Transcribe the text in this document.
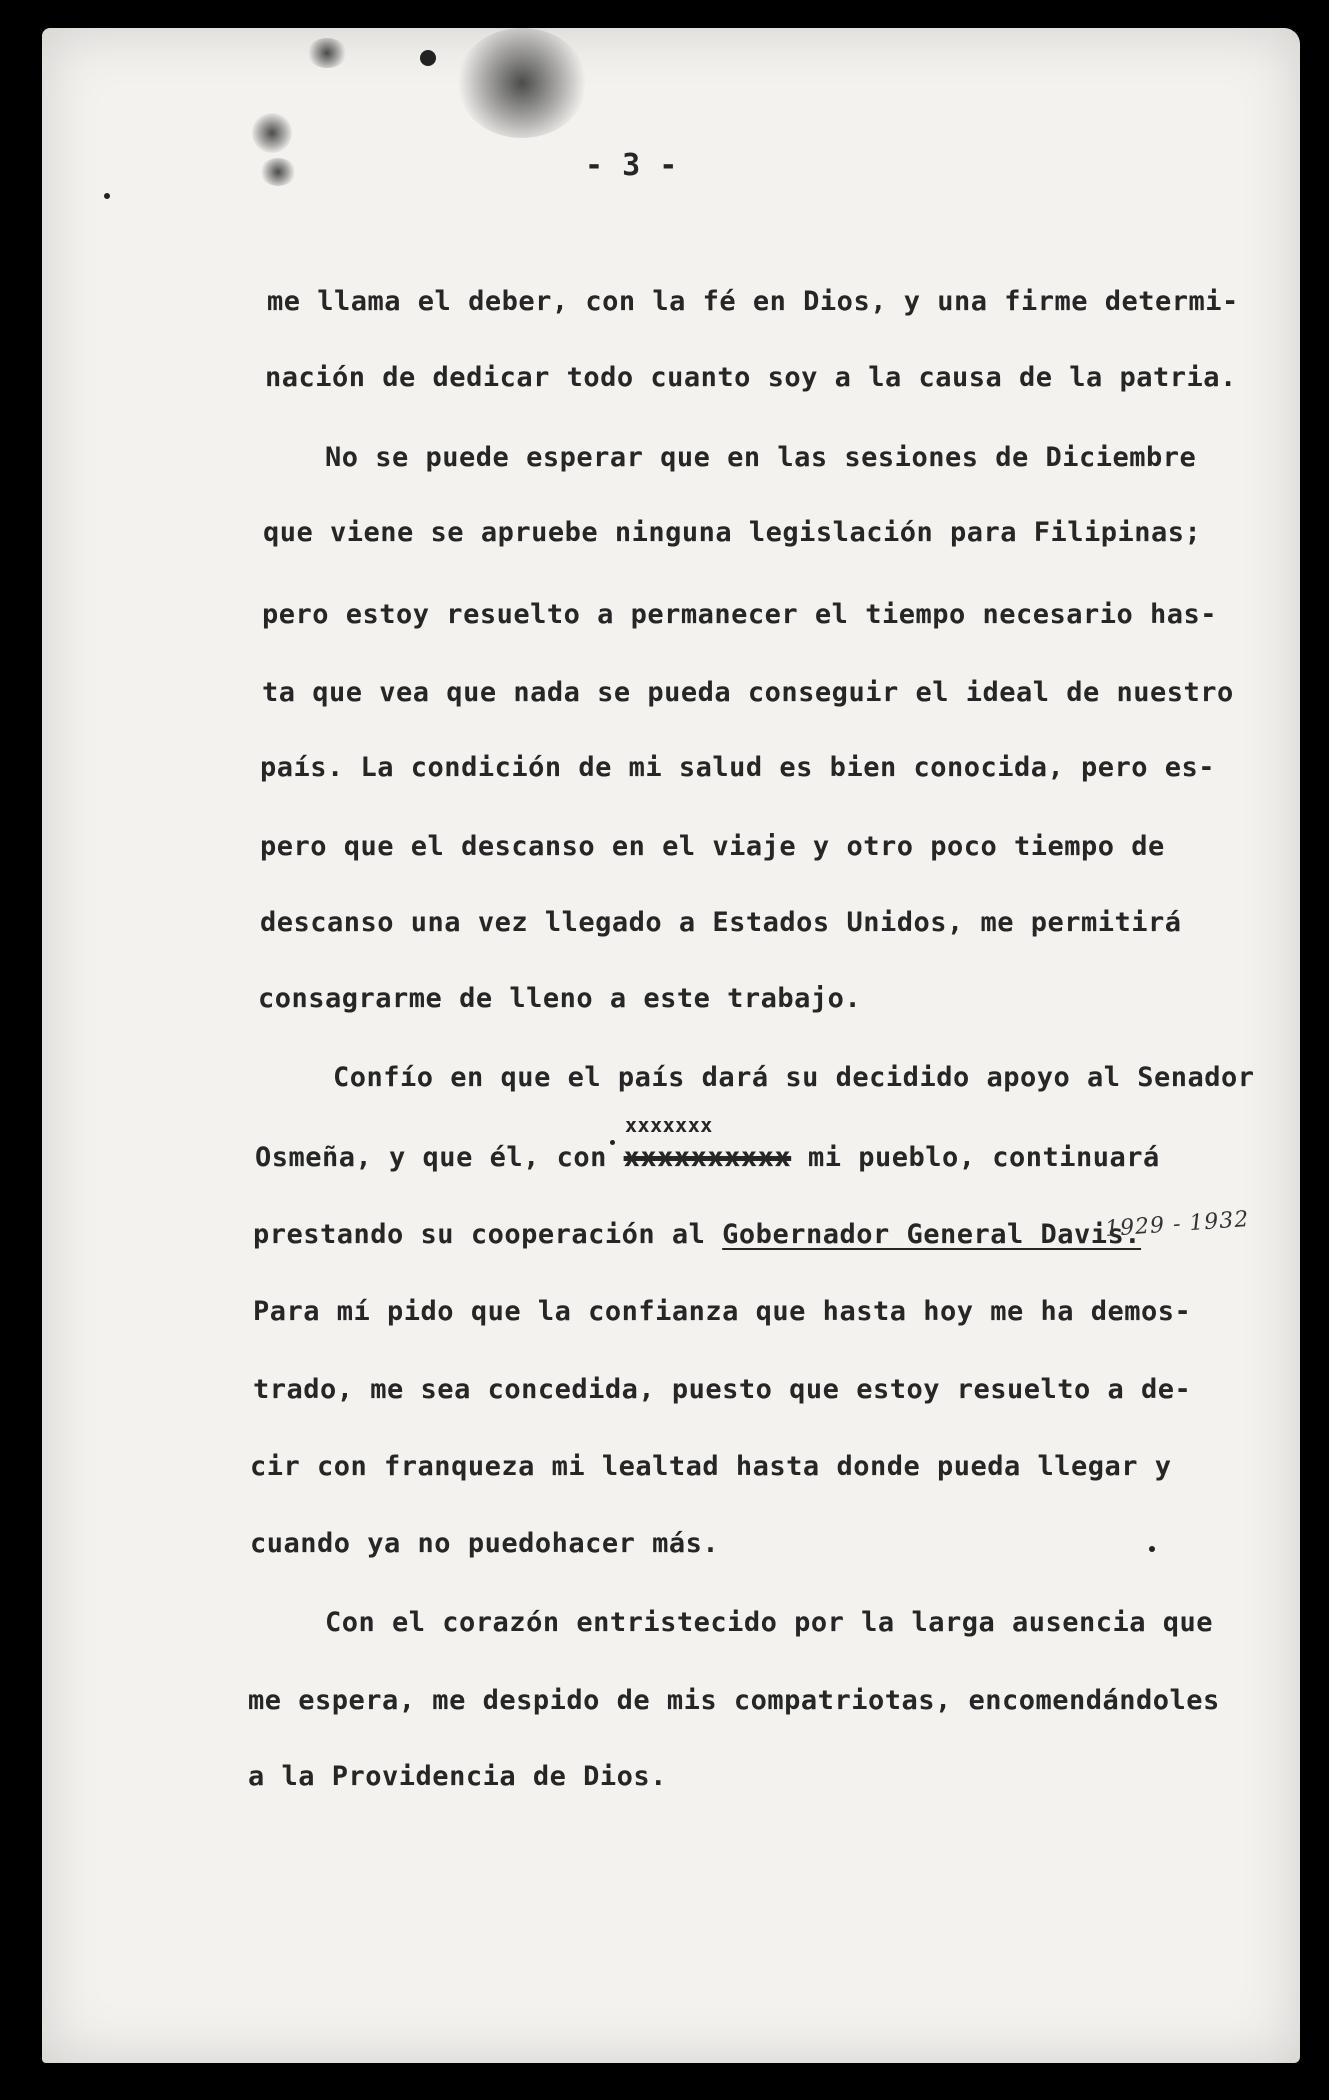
- 3 -
me llama el deber, con la fé en Dios, y una firme determi-
nación de dedicar todo cuanto soy a la causa de la patria.
No se puede esperar que en las sesiones de Diciembre
que viene se apruebe ninguna legislación para Filipinas;
pero estoy resuelto a permanecer el tiempo necesario has-
ta que vea que nada se pueda conseguir el ideal de nuestro
país. La condición de mi salud es bien conocida, pero es-
pero que el descanso en el viaje y otro poco tiempo de
descanso una vez llegado a Estados Unidos, me permitirá
consagrarme de lleno a este trabajo.
Confío en que el país dará su decidido apoyo al Senador
xxxxxxx
Osmeña, y que él, con xxxxxxxxxx mi pueblo, continuará
prestando su cooperación al Gobernador General Davis.
1929 - 1932
Para mí pido que la confianza que hasta hoy me ha demos-
trado, me sea concedida, puesto que estoy resuelto a de-
cir con franqueza mi lealtad hasta donde pueda llegar y
cuando ya no puedohacer más.
Con el corazón entristecido por la larga ausencia que
me espera, me despido de mis compatriotas, encomendándoles
a la Providencia de Dios.
